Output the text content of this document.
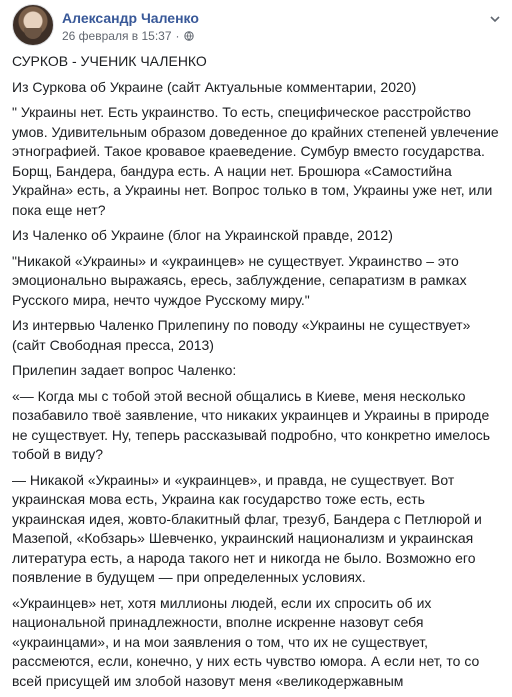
Александр Чаленко
26 февраля в 15:37 ·

СУРКОВ - УЧЕНИК ЧАЛЕНКО

Из Суркова об Украине (сайт Актуальные комментарии, 2020)

" Украины нет. Есть украинство. То есть, специфическое расстройство умов. Удивительным образом доведенное до крайних степеней увлечение этнографией. Такое кровавое краеведение. Сумбур вместо государства. Борщ, Бандера, бандура есть. А нации нет. Брошюра «Самостийна Украйна» есть, а Украины нет. Вопрос только в том, Украины уже нет, или пока еще нет?

Из Чаленко об Украине (блог на Украинской правде, 2012)

"Никакой «Украины» и «украинцев» не существует. Украинство – это эмоционально выражаясь, ересь, заблуждение, сепаратизм в рамках Русского мира, нечто чуждое Русскому миру."

Из интервью Чаленко Прилепину по поводу «Украины не существует» (сайт Свободная пресса, 2013)

Прилепин задает вопрос Чаленко:

«— Когда мы с тобой этой весной общались в Киеве, меня несколько позабавило твоё заявление, что никаких украинцев и Украины в природе не существует. Ну, теперь рассказывай подробно, что конкретно имелось тобой в виду?

— Никакой «Украины» и «украинцев», и правда, не существует. Вот украинская мова есть, Украина как государство тоже есть, есть украинская идея, жовто-блакитный флаг, трезуб, Бандера с Петлюрой и Мазепой, «Кобзарь» Шевченко, украинский национализм и украинская литература есть, а народа такого нет и никогда не было. Возможно его появление в будущем — при определенных условиях.

«Украинцев» нет, хотя миллионы людей, если их спросить об их национальной принадлежности, вполне искренне назовут себя «украинцами», и на мои заявления о том, что их не существует, рассмеются, если, конечно, у них есть чувство юмора. А если нет, то со всей присущей им злобой назовут меня «великодержавным
